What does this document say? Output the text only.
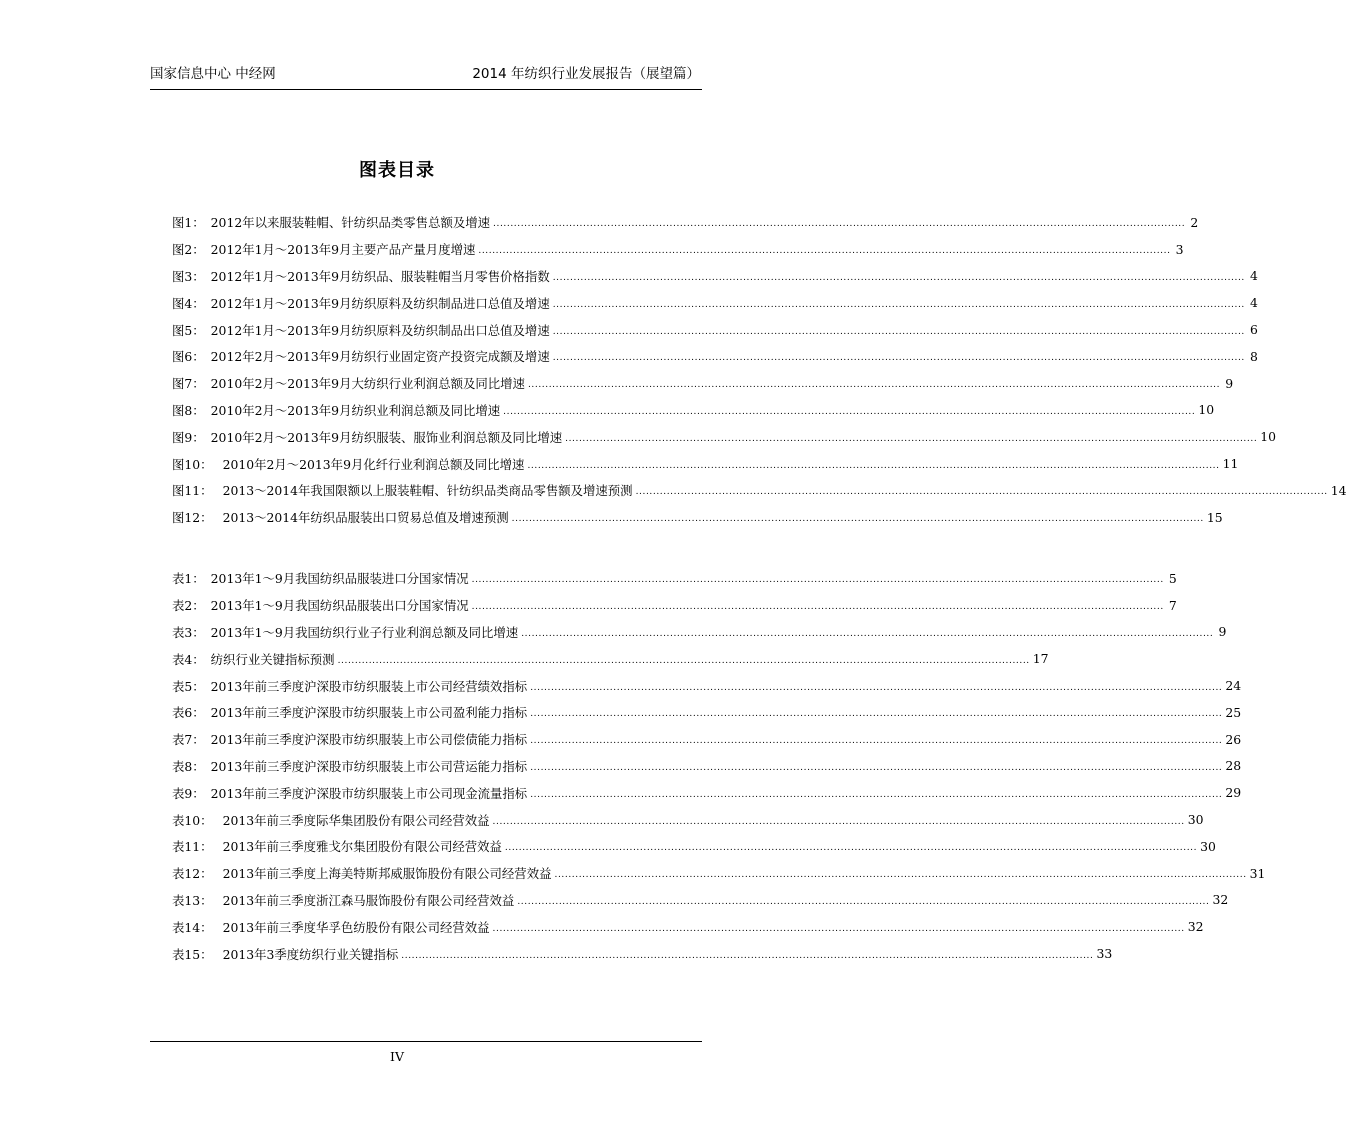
国家信息中心 中经网	2014 年纺织行业发展报告（展望篇）
图表目录
图1： 2012年以来服装鞋帽、针纺织品类零售总额及增速 ........................................................................................................................................................................................................ 2
图2： 2012年1月～2013年9月主要产品产量月度增速 ........................................................................................................................................................................................................ 3
图3： 2012年1月～2013年9月纺织品、服装鞋帽当月零售价格指数 ........................................................................................................................................................................................................ 4
图4： 2012年1月～2013年9月纺织原料及纺织制品进口总值及增速 ........................................................................................................................................................................................................ 4
图5： 2012年1月～2013年9月纺织原料及纺织制品出口总值及增速 ........................................................................................................................................................................................................ 6
图6： 2012年2月～2013年9月纺织行业固定资产投资完成额及增速 ........................................................................................................................................................................................................ 8
图7： 2010年2月～2013年9月大纺织行业利润总额及同比增速 ........................................................................................................................................................................................................ 9
图8： 2010年2月～2013年9月纺织业利润总额及同比增速 ........................................................................................................................................................................................................ 10
图9： 2010年2月～2013年9月纺织服装、服饰业利润总额及同比增速 ........................................................................................................................................................................................................ 10
图10： 2010年2月～2013年9月化纤行业利润总额及同比增速 ........................................................................................................................................................................................................ 11
图11： 2013～2014年我国限额以上服装鞋帽、针纺织品类商品零售额及增速预测 ........................................................................................................................................................................................................ 14
图12： 2013～2014年纺织品服装出口贸易总值及增速预测 ........................................................................................................................................................................................................ 15
表1： 2013年1～9月我国纺织品服装进口分国家情况 ........................................................................................................................................................................................................ 5
表2： 2013年1～9月我国纺织品服装出口分国家情况 ........................................................................................................................................................................................................ 7
表3： 2013年1～9月我国纺织行业子行业利润总额及同比增速 ........................................................................................................................................................................................................ 9
表4： 纺织行业关键指标预测 ........................................................................................................................................................................................................ 17
表5： 2013年前三季度沪深股市纺织服装上市公司经营绩效指标 ........................................................................................................................................................................................................ 24
表6： 2013年前三季度沪深股市纺织服装上市公司盈利能力指标 ........................................................................................................................................................................................................ 25
表7： 2013年前三季度沪深股市纺织服装上市公司偿债能力指标 ........................................................................................................................................................................................................ 26
表8： 2013年前三季度沪深股市纺织服装上市公司营运能力指标 ........................................................................................................................................................................................................ 28
表9： 2013年前三季度沪深股市纺织服装上市公司现金流量指标 ........................................................................................................................................................................................................ 29
表10： 2013年前三季度际华集团股份有限公司经营效益 ........................................................................................................................................................................................................ 30
表11： 2013年前三季度雅戈尔集团股份有限公司经营效益 ........................................................................................................................................................................................................ 30
表12： 2013年前三季度上海美特斯邦威服饰股份有限公司经营效益 ........................................................................................................................................................................................................ 31
表13： 2013年前三季度浙江森马服饰股份有限公司经营效益 ........................................................................................................................................................................................................ 32
表14： 2013年前三季度华孚色纺股份有限公司经营效益 ........................................................................................................................................................................................................ 32
表15： 2013年3季度纺织行业关键指标 ........................................................................................................................................................................................................ 33
IV
